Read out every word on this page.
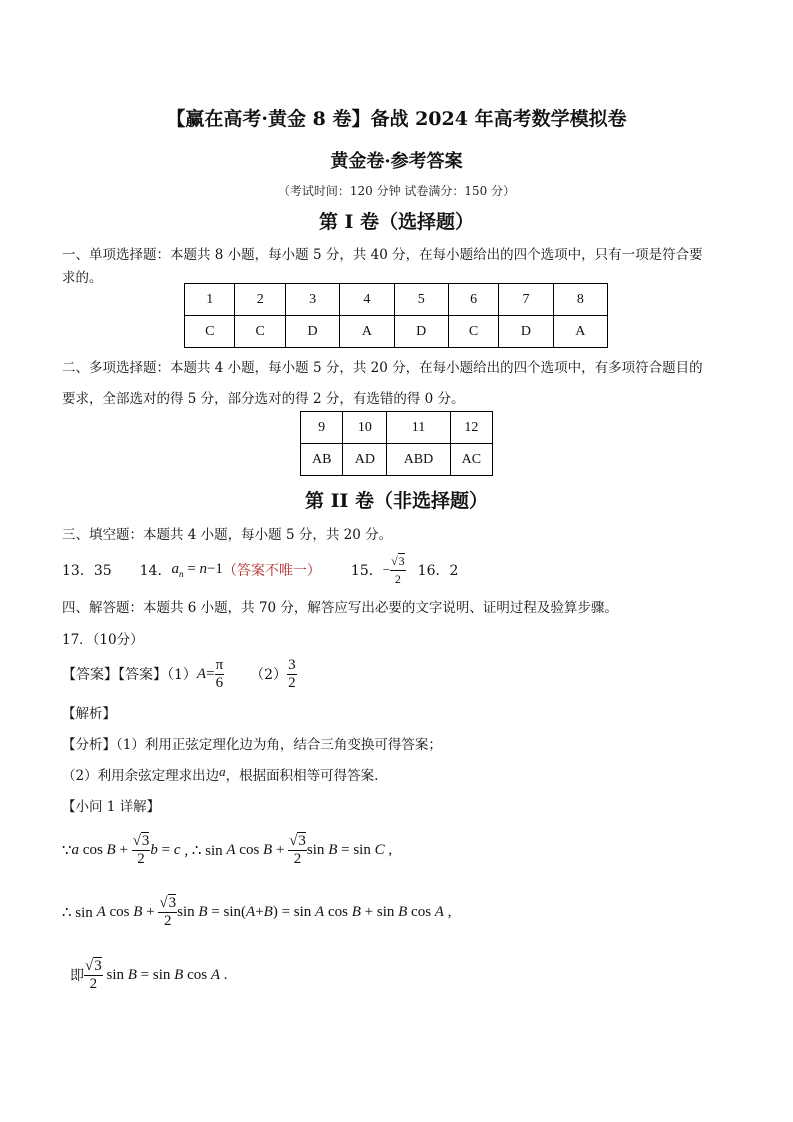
【赢在高考·黄金 8 卷】备战 2024 年高考数学模拟卷
黄金卷·参考答案
（考试时间：120 分钟 试卷满分：150 分）
第 I 卷（选择题）
一、单项选择题：本题共 8 小题，每小题 5 分，共 40 分，在每小题给出的四个选项中，只有一项是符合要
求的。
1	2	3	4	5	6	7	8
C	C	D	A	D	C	D	A
二、多项选择题：本题共 4 小题，每小题 5 分，共 20 分，在每小题给出的四个选项中，有多项符合题目的
要求，全部选对的得 5 分，部分选对的得 2 分，有选错的得 0 分。
9	10	11	12
AB	AD	ABD	AC
第 II 卷（非选择题）
三、填空题：本题共 4 小题，每小题 5 分，共 20 分。
13．35 14． $a_n = n-1$ （答案不唯一） 15． − $\frac{√3}{2} 16$．2
四、解答题：本题共 6 小题，共 70 分，解答应写出必要的文字说明、证明过程及验算步骤。
17．（10分）
【答案】【答案】（1） $A= \frac{\pi}{6} (2) \frac{3}{2}$
【解析】
【分析】（1）利用正弦定理化边为角，结合三角变换可得答案；
（2）利用余弦定理求出边a，根据面积相等可得答案.
【小问 1 详解】
∵ a $\cos B + \frac{√3}{2}$ b = c , ∴ sin A $\cos B + \frac{√3}{2}$ sin B = sin C ,
∴ sin A $\cos B + \frac{√3}{2}$ sin B = sin( A + B ) = sin A cos B + sin B cos A ,
即 $\frac{√3}{2}$ sin B = sin B cos A .
